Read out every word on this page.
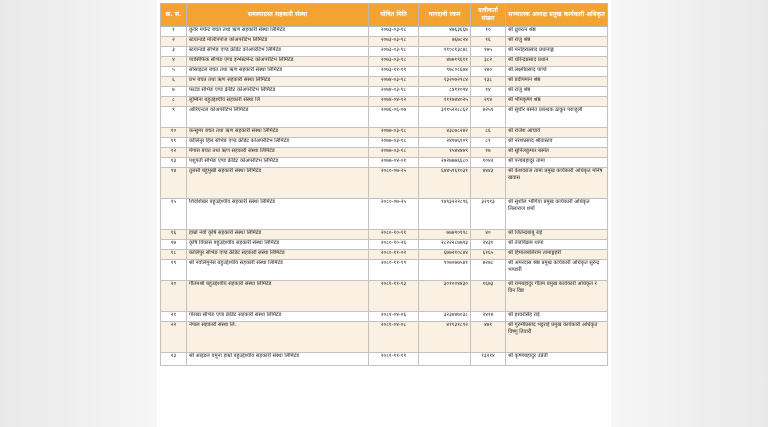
क्र. सं.	समस्याग्रस्त सहकारी संस्था	घोषित मिति	मागदावी रकम	दावीकर्ता संख्या	सञ्चालक अध्यक्ष प्रमुख कार्यकारी अधिकृत
१	कुवेर मर्चेन्ट बचत तथा ऋण सहकारी संस्था लिमिटेड	२०७३-०३-१८	४७६३६६७	१०	श्री ध्रुवरत्न श्रेष्ठ
२	स्टयान्डर्ड मल्टिपर्पोज कोअपरेटिभ लिमिटेड	२०७३-०३-१८	७६७८२४	१६	श्री राजु श्रेष्ठ
३	स्टयान्डर्ड सेभिङ एण्ड क्रेडिट कोअपरेटिभ लिमिटेड	२०७३-०३-१८	११०८१३८४८	१७५	श्री मनोहरप्रसाद प्रधानाङ्ग
४	प्यासिफिक सेभिङ एण्ड इन्भेस्टमेन्ट कोअपरेटिभ लिमिटेड	२०७३-०३-१८	४७७१९६११	३८२	श्री धीरेन्द्रप्रसाद प्रधान
५	सोसाइटल बचत तथा ऋण सहकारी संस्था लिमिटेड	२०७३-११-१९	९७८०८६७४	२४०	श्री लक्ष्मीप्रसाद पाण्डे
६	प्रभ बचत तथा ऋण सहकारी संस्था लिमिटेड	२०७४-०३-१८	१३२०७२९८४	१३८	श्री प्रदीपमान श्रेष्ठ
७	फाटेड सेभिङ एण्ड क्रेडिट कोअपरेटिभ लिमिटेड	२०७४-०३-१८	८४११०९४	१४	श्री राजु श्रेष्ठ
८	लुम्बिना बहुउद्देश्यीय सहकारी संस्था लि	२०७४-०४-१२	१११७४४०२५	२१४	श्री भीमकृष्ण श्रेष्ठ
९	ओरिएन्टल कोअपरेटिभ लिमिटेड	२०७६-०६-०७	३११५२२८८६२	४२५९	श्री सुधीर बस्नेत प्रबन्धक ठाकुर पराजुली
१०	कन्सुमर बचत तथा ऋण सहकारी संस्था लिमिटेड	२०७७-०३-१८	४३८७८२४२	८६	श्री राजेश आचार्य
११	कोलिनुर हिल सेभिङ एण्ड क्रेडिट कोअपरेटिभ लिमिटेड	२०७७-०३-१८	२४१७६१०९	८१	श्री नरेशप्रसाद श्रीवास्तव
१२	मेगास बचत तथा ऋण सहकारी संस्था लिमिटेड	२०७७-०३-१८	१५४४४७९	१७	श्री सुनिलकुमार बस्नेत
१३	पशुपती सेभिङ एण्ड क्रेडिट कोअपरेटिभ लिमिटेड	२०७७-०४-०१	२४२७७७६६८०	१०४२	श्री पन्चबहादुर तामा
१४	तुलसी बहुमुखी सहकारी संस्था लिमिटेड	२०८०-०७-२५	६४४५९६१०३१	४४४३	श्री केशवराज तामा प्रमुख कार्यकारी अधिकृत मनिष खवास
१५	शिवशिखर बहुउद्देश्यीय सहकारी संस्था लिमिटेड	२०८०-०७-२५	९४९३२२२८९६	३२९१३	श्री सुशील भाँगिया प्रमुख कार्यकारी अधिकृत लिलाराज शर्मा
१६	हाम्रो नयाँ कृषि सहकारी संस्था लिमिटेड	२०८०-१०-११	७७७९०१९८	४०	श्री जितेन्द्रबाबु राई
१७	कृषि विकास बहुउद्देश्यीय सहकारी संस्था लिमिटेड	२०८०-१०-२६	२८२२२८७७९३	२४३१	श्री तेजविक्रम थापा
१८	कालिपुर सेभिङ एण्ड क्रेडिट सहकारी संस्था लिमिटेड	२०८०-११-०२	६७७२१०८४४	६१६५	श्री हिमालबलिराम तामाङ्गहरी
१९	श्री नवलिमुर्नस बहुउद्देश्यीय सहकारी संस्था लिमिटेड	२०८०-११-१९	९०७०७७५४१	४२७८	श्री अमरदास श्रेष्ठ प्रमुख कार्यकारी अधिकृत सुरेन्द्र भण्डारी
२०	गौतमश्री बहुउद्देश्यीय सहकारी संस्था लिमिटेड	२०८१-११-१३	३०१००४४३०	१६७३	श्री रामबहादुर गौतम प्रमुख कार्यकारी अधिकृत र विन विष्ट
२१	गोरखा सेभिङ एण्ड क्रेडिट सहकारी संस्था लिमिटेड	२०८१-०४-०६	३२३४४७०३८	२४१४	श्री इश्वरसिंह राई
२२	नेपाल सहकारी संस्था लि.	२०८१-०४-०८	४११३१८९२	४७१	श्री गुरुमीप्रसाद भट्टराई प्रमुख कार्यकारी अधिकृत विष्णु तिवारी
२३	श्री आइडल यमुना हाम्रो बहुउद्देश्यीय सहकारी संस्था लिमिटेड	२०८१-११-१९		१३२१४	श्री कृष्णबहादुर उप्रेती
